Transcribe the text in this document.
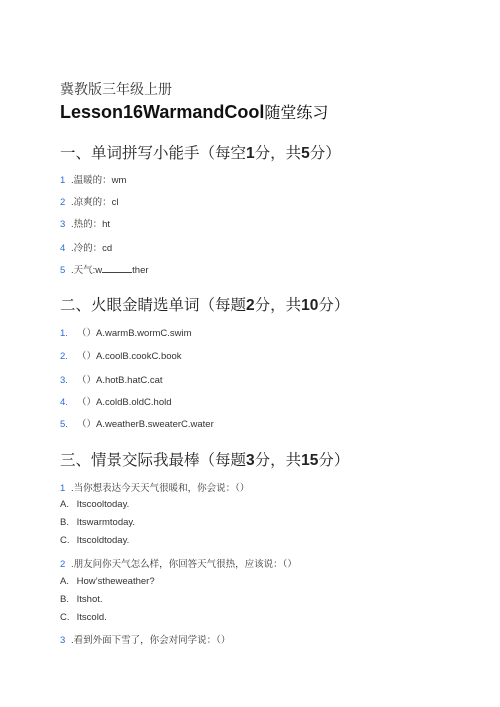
冀教版三年级上册
Lesson16WarmandCool随堂练习
一、单词拼写小能手（每空1分，共5分）
1 .温暖的：wm
2 .凉爽的：cl
3 .热的：ht
4 .冷的：cd
5 .天气:w	ther
二、火眼金睛选单词（每题2分，共10分）
1. （）A.warmB.wormC.swim
2. （）A.coolB.cookC.book
3. （）A.hotB.hatC.cat
4. （）A.coldB.oldC.hold
5. （）A.weatherB.sweaterC.water
三、情景交际我最棒（每题3分，共15分）
1 .当你想表达今天天气很暖和，你会说：（）
A. Itscooltoday.
B. Itswarmtoday.
C. Itscoldtoday.
2 .朋友问你天气怎么样，你回答天气很热，应该说：（）
A. How’stheweather?
B. Itshot.
C. Itscold.
3 .看到外面下雪了，你会对同学说：（）
